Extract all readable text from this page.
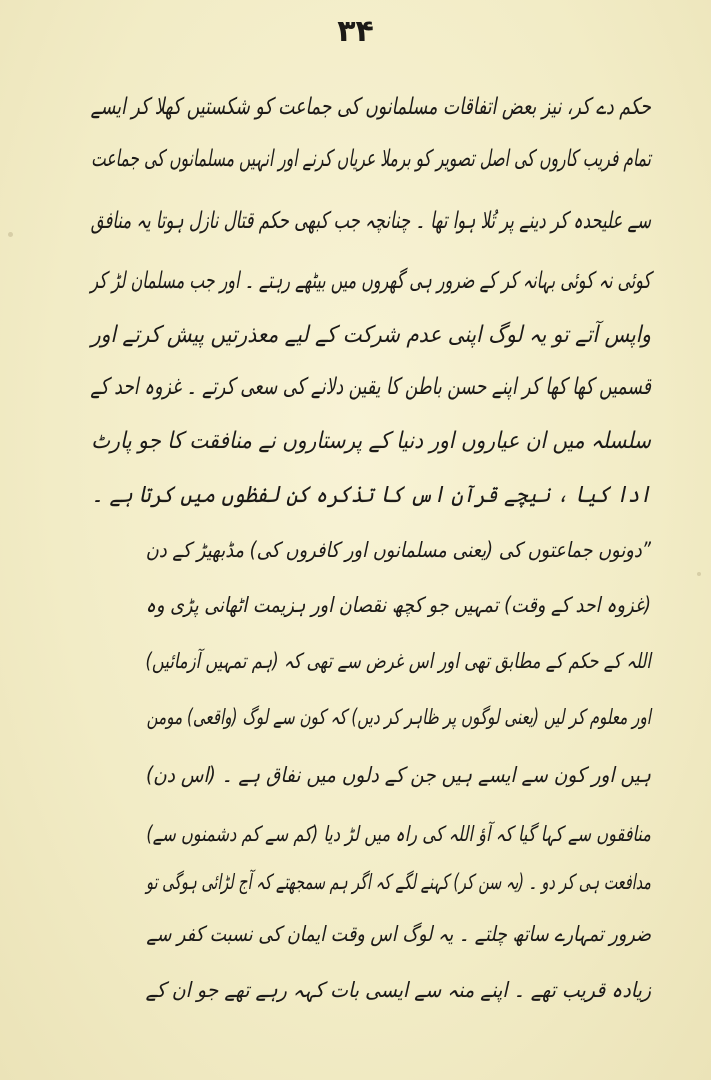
۳۴
حکم دے کر، نیز بعض اتفاقات مسلمانوں کی جماعت کو شکستیں کھلا کر ایسے
تمام فریب کاروں کی اصل تصویر کو برملا عریاں کرنے اور انہیں مسلمانوں کی جماعت
سے علیحدہ کر دینے پر تُلا ہوا تھا ۔ چنانچہ جب کبھی حکم قتال نازل ہوتا یہ منافق
کوئی نہ کوئی بہانہ کر کے ضرور ہی گھروں میں بیٹھے رہتے ۔ اور جب مسلمان لڑ کر
واپس آتے تو یہ لوگ اپنی عدم شرکت کے لیے معذرتیں پیش کرتے اور
قسمیں کھا کھا کر اپنے حسن باطن کا یقین دلانے کی سعی کرتے ۔ غزوہ احد کے
سلسلہ میں ان عیاروں اور دنیا کے پرستاروں نے منافقت کا جو پارٹ
ادا کیا ، نیچے قرآن اس کا تذکرہ کن لفظوں میں کرتا ہے ۔
”دونوں جماعتوں کی (یعنی مسلمانوں اور کافروں کی) مڈبھیڑ کے دن
(غزوہ احد کے وقت) تمہیں جو کچھ نقصان اور ہزیمت اٹھانی پڑی وہ
اللہ کے حکم کے مطابق تھی اور اس غرض سے تھی کہ (ہم تمہیں آزمائیں)
اور معلوم کر لیں (یعنی لوگوں پر ظاہر کر دیں) کہ کون سے لوگ (واقعی) مومن
ہیں اور کون سے ایسے ہیں جن کے دلوں میں نفاق ہے ۔ (اس دن)
منافقوں سے کہا گیا کہ آؤ اللہ کی راہ میں لڑ دیا (کم سے کم دشمنوں سے)
مدافعت ہی کر دو ۔ (یہ سن کر) کہنے لگے کہ اگر ہم سمجھتے کہ آج لڑائی ہوگی تو
ضرور تمہارے ساتھ چلتے ۔ یہ لوگ اس وقت ایمان کی نسبت کفر سے
زیادہ قریب تھے ۔ اپنے منہ سے ایسی بات کہہ رہے تھے جو ان کے
